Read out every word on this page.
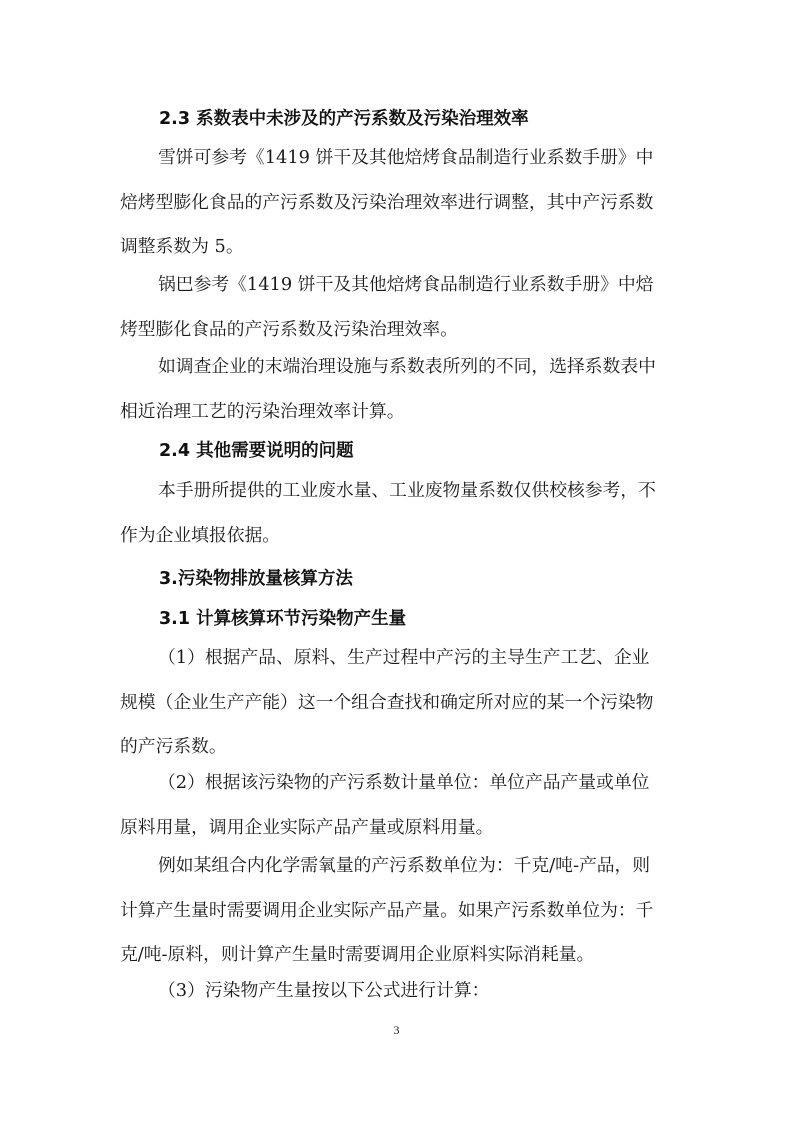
2.3 系数表中未涉及的产污系数及污染治理效率
雪饼可参考《1419 饼干及其他焙烤食品制造行业系数手册》中
焙烤型膨化食品的产污系数及污染治理效率进行调整，其中产污系数
调整系数为 5。
锅巴参考《1419 饼干及其他焙烤食品制造行业系数手册》中焙
烤型膨化食品的产污系数及污染治理效率。
如调查企业的末端治理设施与系数表所列的不同，选择系数表中
相近治理工艺的污染治理效率计算。
2.4 其他需要说明的问题
本手册所提供的工业废水量、工业废物量系数仅供校核参考，不
作为企业填报依据。
3.污染物排放量核算方法
3.1 计算核算环节污染物产生量
（1）根据产品、原料、生产过程中产污的主导生产工艺、企业
规模（企业生产产能）这一个组合查找和确定所对应的某一个污染物
的产污系数。
（2）根据该污染物的产污系数计量单位：单位产品产量或单位
原料用量，调用企业实际产品产量或原料用量。
例如某组合内化学需氧量的产污系数单位为：千克/吨-产品，则
计算产生量时需要调用企业实际产品产量。如果产污系数单位为：千
克/吨-原料，则计算产生量时需要调用企业原料实际消耗量。
（3）污染物产生量按以下公式进行计算：
3
